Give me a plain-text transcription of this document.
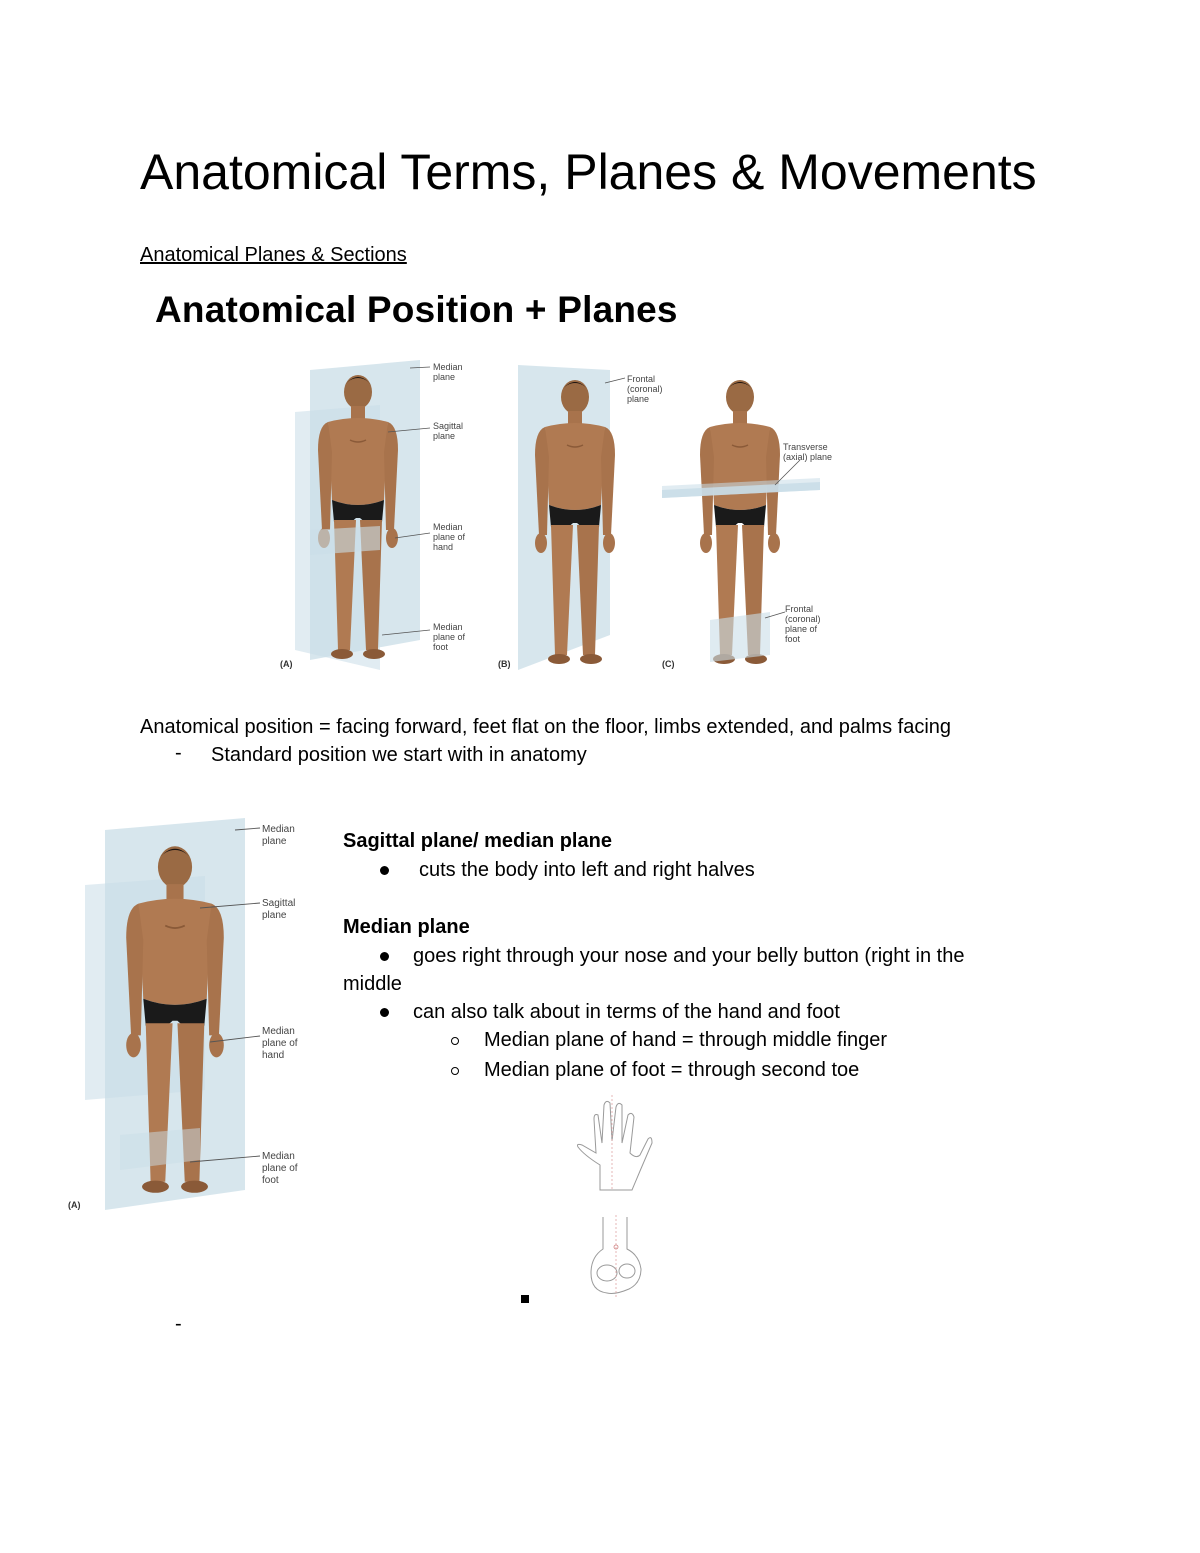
Anatomical Terms, Planes & Movements
Anatomical Planes & Sections
Anatomical Position + Planes
Median
plane
Sagittal
plane
Median
plane of
hand
Median
plane of
foot
(A)
Frontal
(coronal)
plane
(B)
Transverse
(axial) plane
Frontal
(coronal)
plane of
foot
(C)
Anatomical position = facing forward, feet flat on the floor, limbs extended, and palms facing
- Standard position we start with in anatomy
Median
plane
Sagittal
plane
Median
plane of
hand
Median
plane of
foot
(A)
Sagittal plane/ median plane
cuts the body into left and right halves
Median plane
goes right through your nose and your belly button (right in the
middle
can also talk about in terms of the hand and foot
Median plane of hand = through middle finger
Median plane of foot = through second toe
-
